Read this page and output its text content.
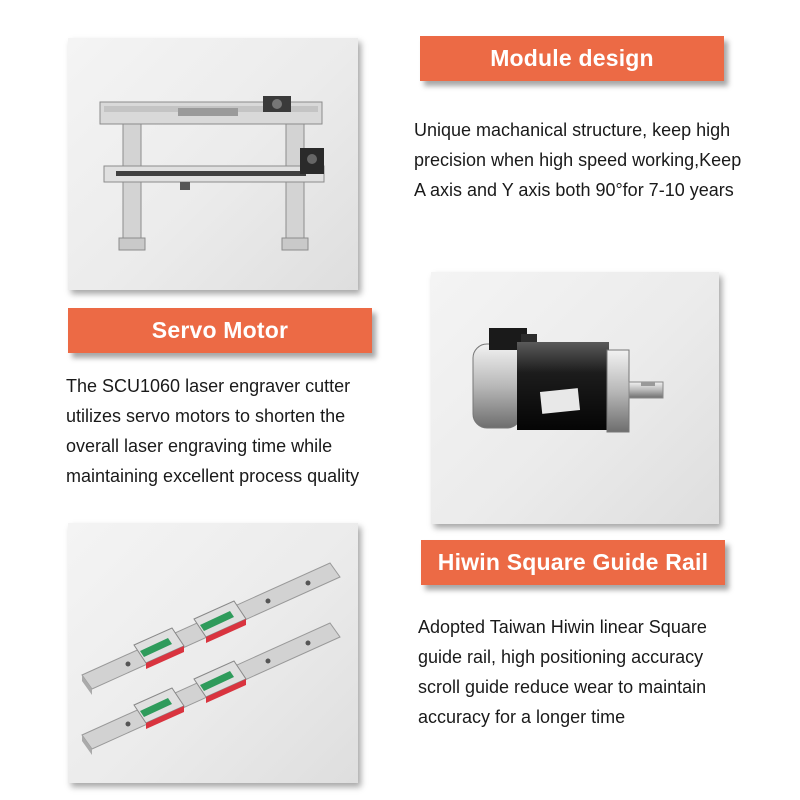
Module design

Unique machanical structure, keep high
precision when high speed working,Keep
A axis and Y axis both 90°for 7-10 years

Servo Motor

The SCU1060 laser engraver cutter
utilizes servo motors to shorten the
overall laser engraving time while
maintaining excellent process quality

Hiwin Square Guide Rail

Adopted Taiwan Hiwin linear Square
guide rail, high positioning accuracy
scroll guide reduce wear to maintain
accuracy for a longer time
